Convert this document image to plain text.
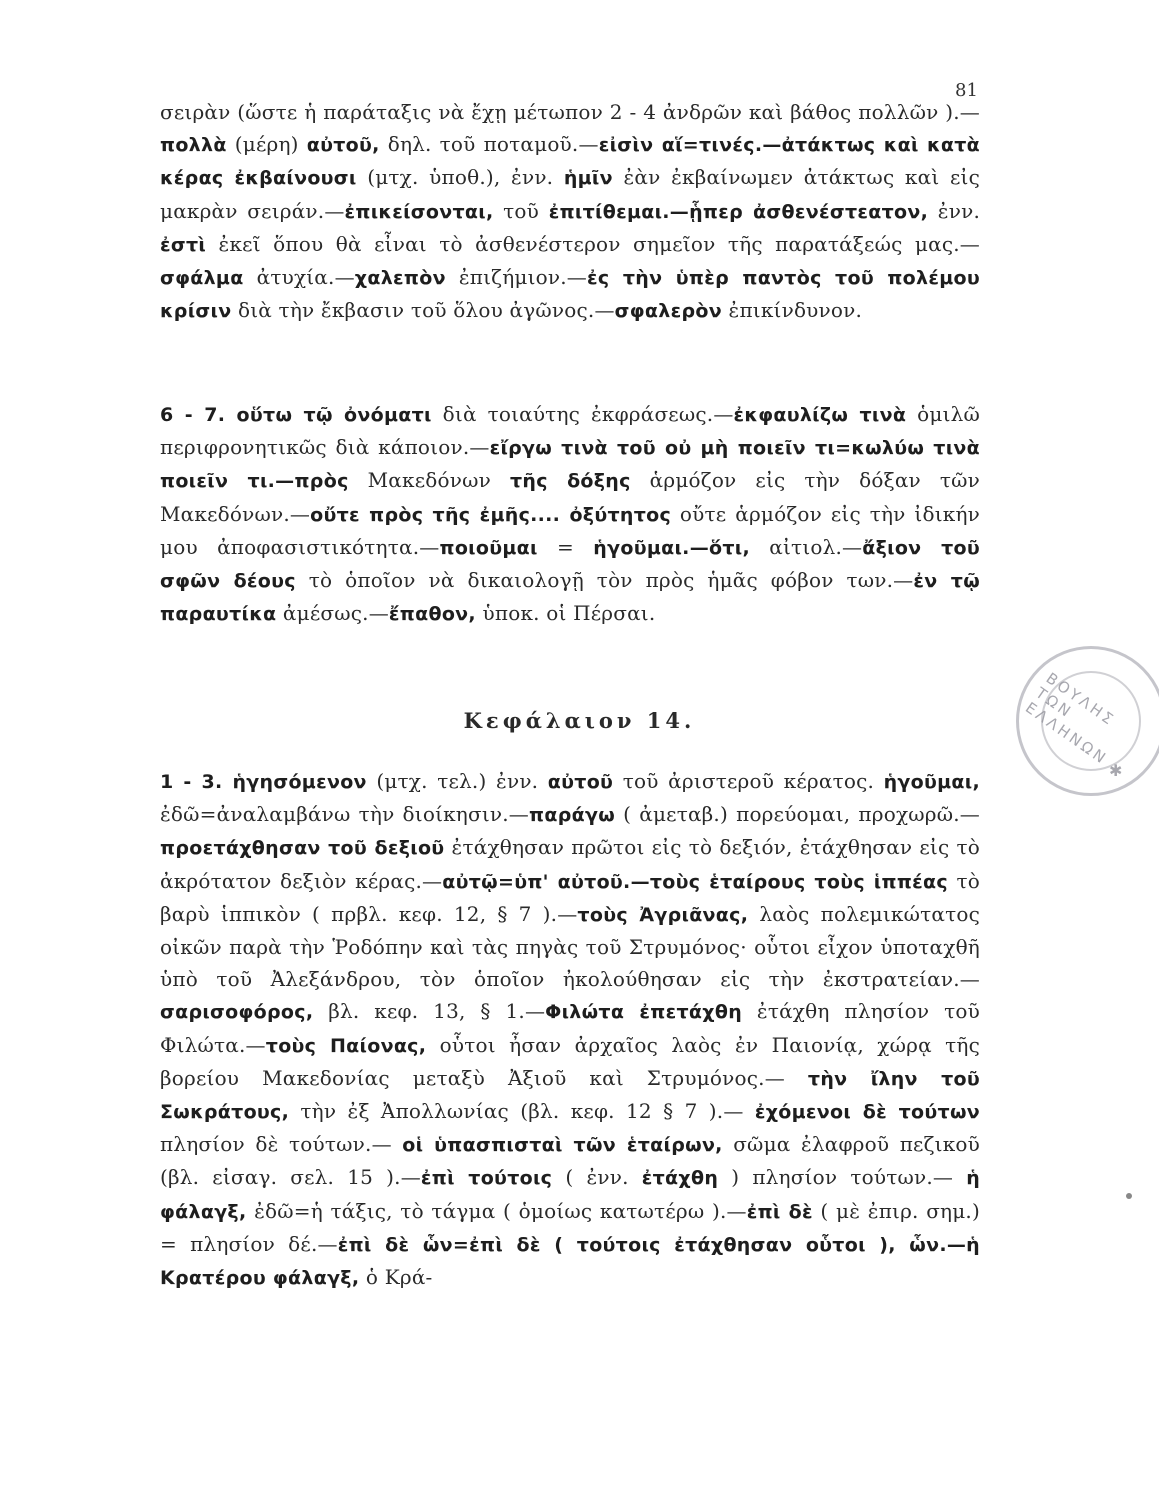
81

σειρὰν (ὥστε ἡ παράταξις νὰ ἔχῃ μέτωπον 2 - 4 ἀνδρῶν καὶ βάθος πολλῶν ).—πολλὰ (μέρη) αὐτοῦ, δηλ. τοῦ ποταμοῦ.—εἰσὶν αἵ=τινές.—ἀτάκτως καὶ κατὰ κέρας ἐκβαίνουσι (μτχ. ὑποθ.), ἐνν. ἡμῖν ἐὰν ἐκβαίνωμεν ἀτάκτως καὶ εἰς μακρὰν σειράν.—ἐπικείσονται, τοῦ ἐπιτίθεμαι.—ᾗπερ ἀσθενέστεατον, ἐνν. ἐστὶ ἐκεῖ ὅπου θὰ εἶναι τὸ ἀσθενέστερον σημεῖον τῆς παρατάξεώς μας.— σφάλμα ἀτυχία.—χαλεπὸν ἐπιζήμιον.—ἐς τὴν ὑπὲρ παντὸς τοῦ πολέμου κρίσιν διὰ τὴν ἔκβασιν τοῦ ὅλου ἀγῶνος.—σφαλερὸν ἐπικίνδυνον.

6 - 7. οὕτω τῷ ὀνόματι διὰ τοιαύτης ἐκφράσεως.—ἐκφαυλίζω τινὰ ὁμιλῶ περιφρονητικῶς διὰ κάποιον.—εἴργω τινὰ τοῦ οὐ μὴ ποιεῖν τι=κωλύω τινὰ ποιεῖν τι.—πρὸς Μακεδόνων τῆς δόξης ἁρμόζον εἰς τὴν δόξαν τῶν Μακεδόνων.—οὔτε πρὸς τῆς ἐμῆς.... ὀξύτητος οὔτε ἁρμόζον εἰς τὴν ἰδικήν μου ἀποφασιστικότητα.—ποιοῦμαι = ἡγοῦμαι.—ὅτι, αἰτιολ.—ἄξιον τοῦ σφῶν δέους τὸ ὁποῖον νὰ δικαιολογῇ τὸν πρὸς ἡμᾶς φόβον των.—ἐν τῷ παραυτίκα ἀμέσως.—ἔπαθον, ὑποκ. οἱ Πέρσαι.

Κεφάλαιον 14.

1 - 3. ἡγησόμενον (μτχ. τελ.) ἐνν. αὐτοῦ τοῦ ἀριστεροῦ κέρατος. ἡγοῦμαι, ἐδῶ=ἀναλαμβάνω τὴν διοίκησιν.—παράγω ( ἀμεταβ.) πορεύομαι, προχωρῶ.—προετάχθησαν τοῦ δεξιοῦ ἐτάχθησαν πρῶτοι εἰς τὸ δεξιόν, ἐτάχθησαν εἰς τὸ ἀκρότατον δεξιὸν κέρας.—αὐτῷ=ὑπ' αὐτοῦ.—τοὺς ἑταίρους τοὺς ἱππέας τὸ βαρὺ ἱππικὸν ( πρβλ. κεφ. 12, § 7 ).—τοὺς Ἀγριᾶνας, λαὸς πολεμικώτατος οἰκῶν παρὰ τὴν Ῥοδόπην καὶ τὰς πηγὰς τοῦ Στρυμόνος· οὗτοι εἶχον ὑποταχθῆ ὑπὸ τοῦ Ἀλεξάνδρου, τὸν ὁποῖον ἠκολούθησαν εἰς τὴν ἐκστρατείαν.—σαρισοφόρος, βλ. κεφ. 13, § 1.—Φιλώτα ἐπετάχθη ἐτάχθη πλησίον τοῦ Φιλώτα.—τοὺς Παίονας, οὗτοι ἦσαν ἀρχαῖος λαὸς ἐν Παιονίᾳ, χώρᾳ τῆς βορείου Μακεδονίας μεταξὺ Ἀξιοῦ καὶ Στρυμόνος.— τὴν ἴλην τοῦ Σωκράτους, τὴν ἐξ Ἀπολλωνίας (βλ. κεφ. 12 § 7 ).— ἐχόμενοι δὲ τούτων πλησίον δὲ τούτων.— οἱ ὑπασπισταὶ τῶν ἑταίρων, σῶμα ἐλαφροῦ πεζικοῦ (βλ. εἰσαγ. σελ. 15 ).—ἐπὶ τούτοις ( ἐνν. ἐτάχθη ) πλησίον τούτων.— ἡ φάλαγξ, ἐδῶ=ἡ τάξις, τὸ τάγμα ( ὁμοίως κατωτέρω ).—ἐπὶ δὲ ( μὲ ἐπιρ. σημ.) = πλησίον δέ.—ἐπὶ δὲ ὧν=ἐπὶ δὲ ( τούτοις ἐτάχθησαν οὗτοι ), ὧν.—ἡ Κρατέρου φάλαγξ, ὁ Κρά-

ΒΟΥΛΗΣ ΤΩΝ ΕΛΛΗΝΩΝ
✱
